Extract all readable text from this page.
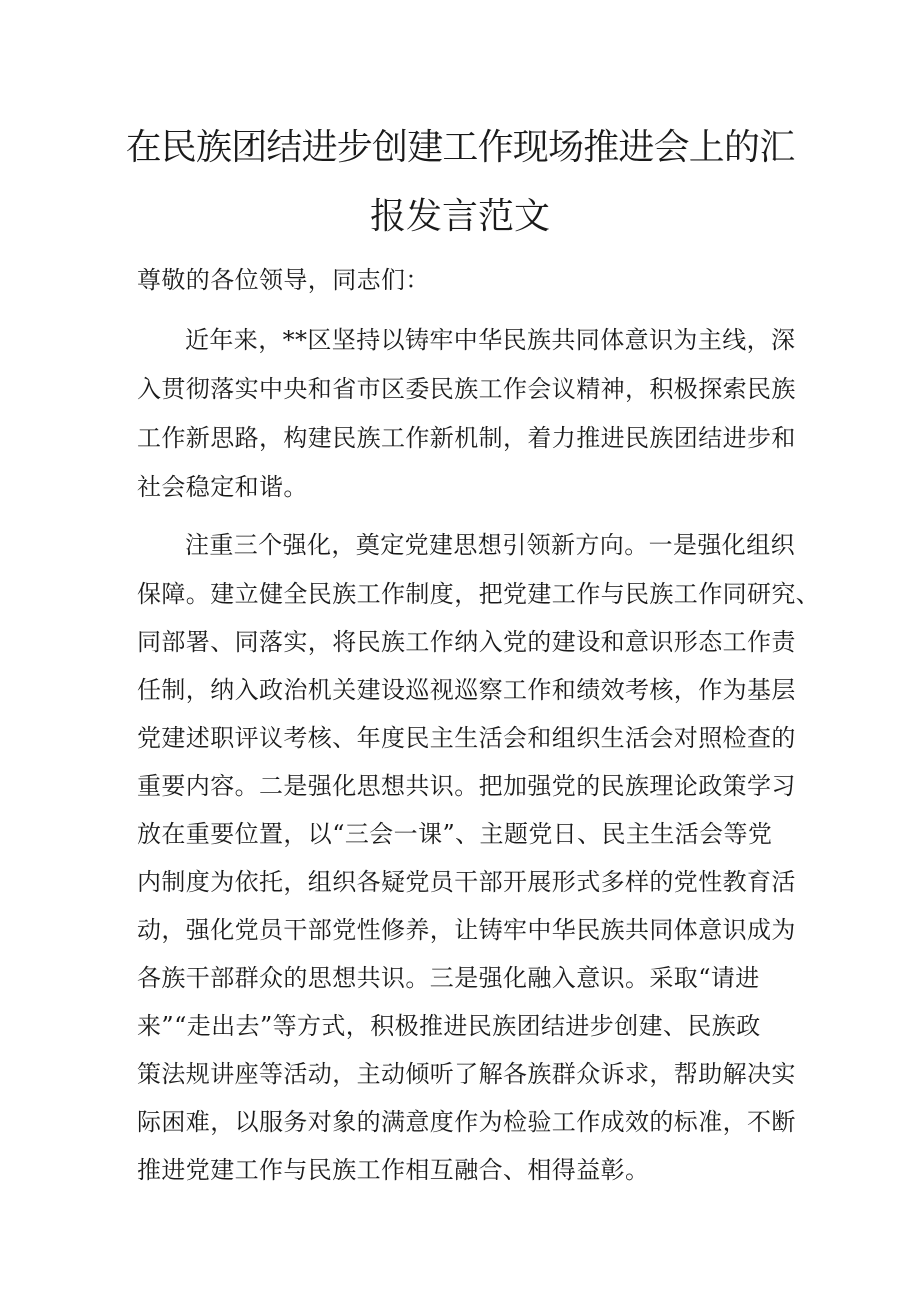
在民族团结进步创建工作现场推进会上的汇
报发言范文
尊敬的各位领导，同志们：
近年来，**区坚持以铸牢中华民族共同体意识为主线，深
入贯彻落实中央和省市区委民族工作会议精神，积极探索民族
工作新思路，构建民族工作新机制，着力推进民族团结进步和
社会稳定和谐。
注重三个强化，奠定党建思想引领新方向。一是强化组织
保障。建立健全民族工作制度，把党建工作与民族工作同研究、
同部署、同落实，将民族工作纳入党的建设和意识形态工作责
任制，纳入政治机关建设巡视巡察工作和绩效考核，作为基层
党建述职评议考核、年度民主生活会和组织生活会对照检查的
重要内容。二是强化思想共识。把加强党的民族理论政策学习
放在重要位置，以“三会一课”、主题党日、民主生活会等党
内制度为依托，组织各疑党员干部开展形式多样的党性教育活
动，强化党员干部党性修养，让铸牢中华民族共同体意识成为
各族干部群众的思想共识。三是强化融入意识。采取“请进
来”“走出去”等方式，积极推进民族团结进步创建、民族政
策法规讲座等活动，主动倾听了解各族群众诉求，帮助解决实
际困难，以服务对象的满意度作为检验工作成效的标准，不断
推进党建工作与民族工作相互融合、相得益彰。
